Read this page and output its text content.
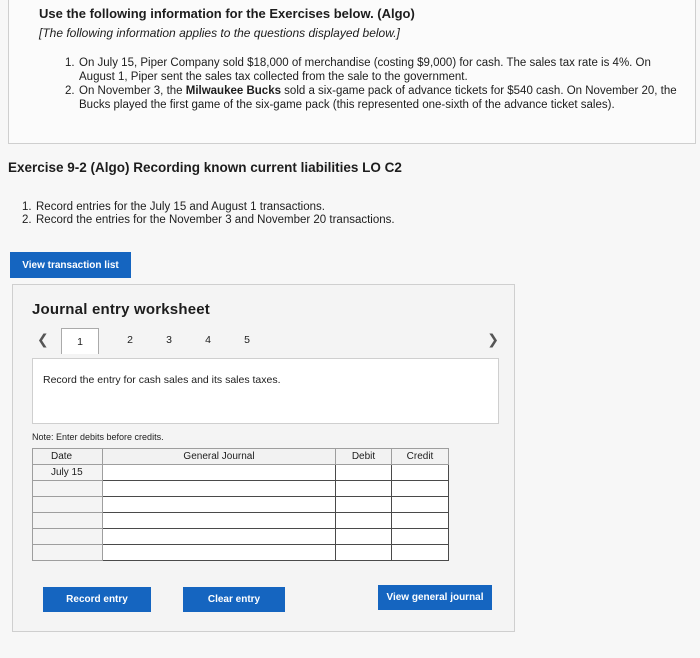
Use the following information for the Exercises below. (Algo)
[The following information applies to the questions displayed below.]
1. On July 15, Piper Company sold $18,000 of merchandise (costing $9,000) for cash. The sales tax rate is 4%. On August 1, Piper sent the sales tax collected from the sale to the government.
2. On November 3, the Milwaukee Bucks sold a six-game pack of advance tickets for $540 cash. On November 20, the Bucks played the first game of the six-game pack (this represented one-sixth of the advance ticket sales).
Exercise 9-2 (Algo) Recording known current liabilities LO C2
1. Record entries for the July 15 and August 1 transactions.
2. Record the entries for the November 3 and November 20 transactions.
View transaction list
Journal entry worksheet
❮	1	2	3	4	5	❯
Record the entry for cash sales and its sales taxes.
Note: Enter debits before credits.
Date	General Journal	Debit	Credit
July 15			

Record entry	Clear entry	View general journal
